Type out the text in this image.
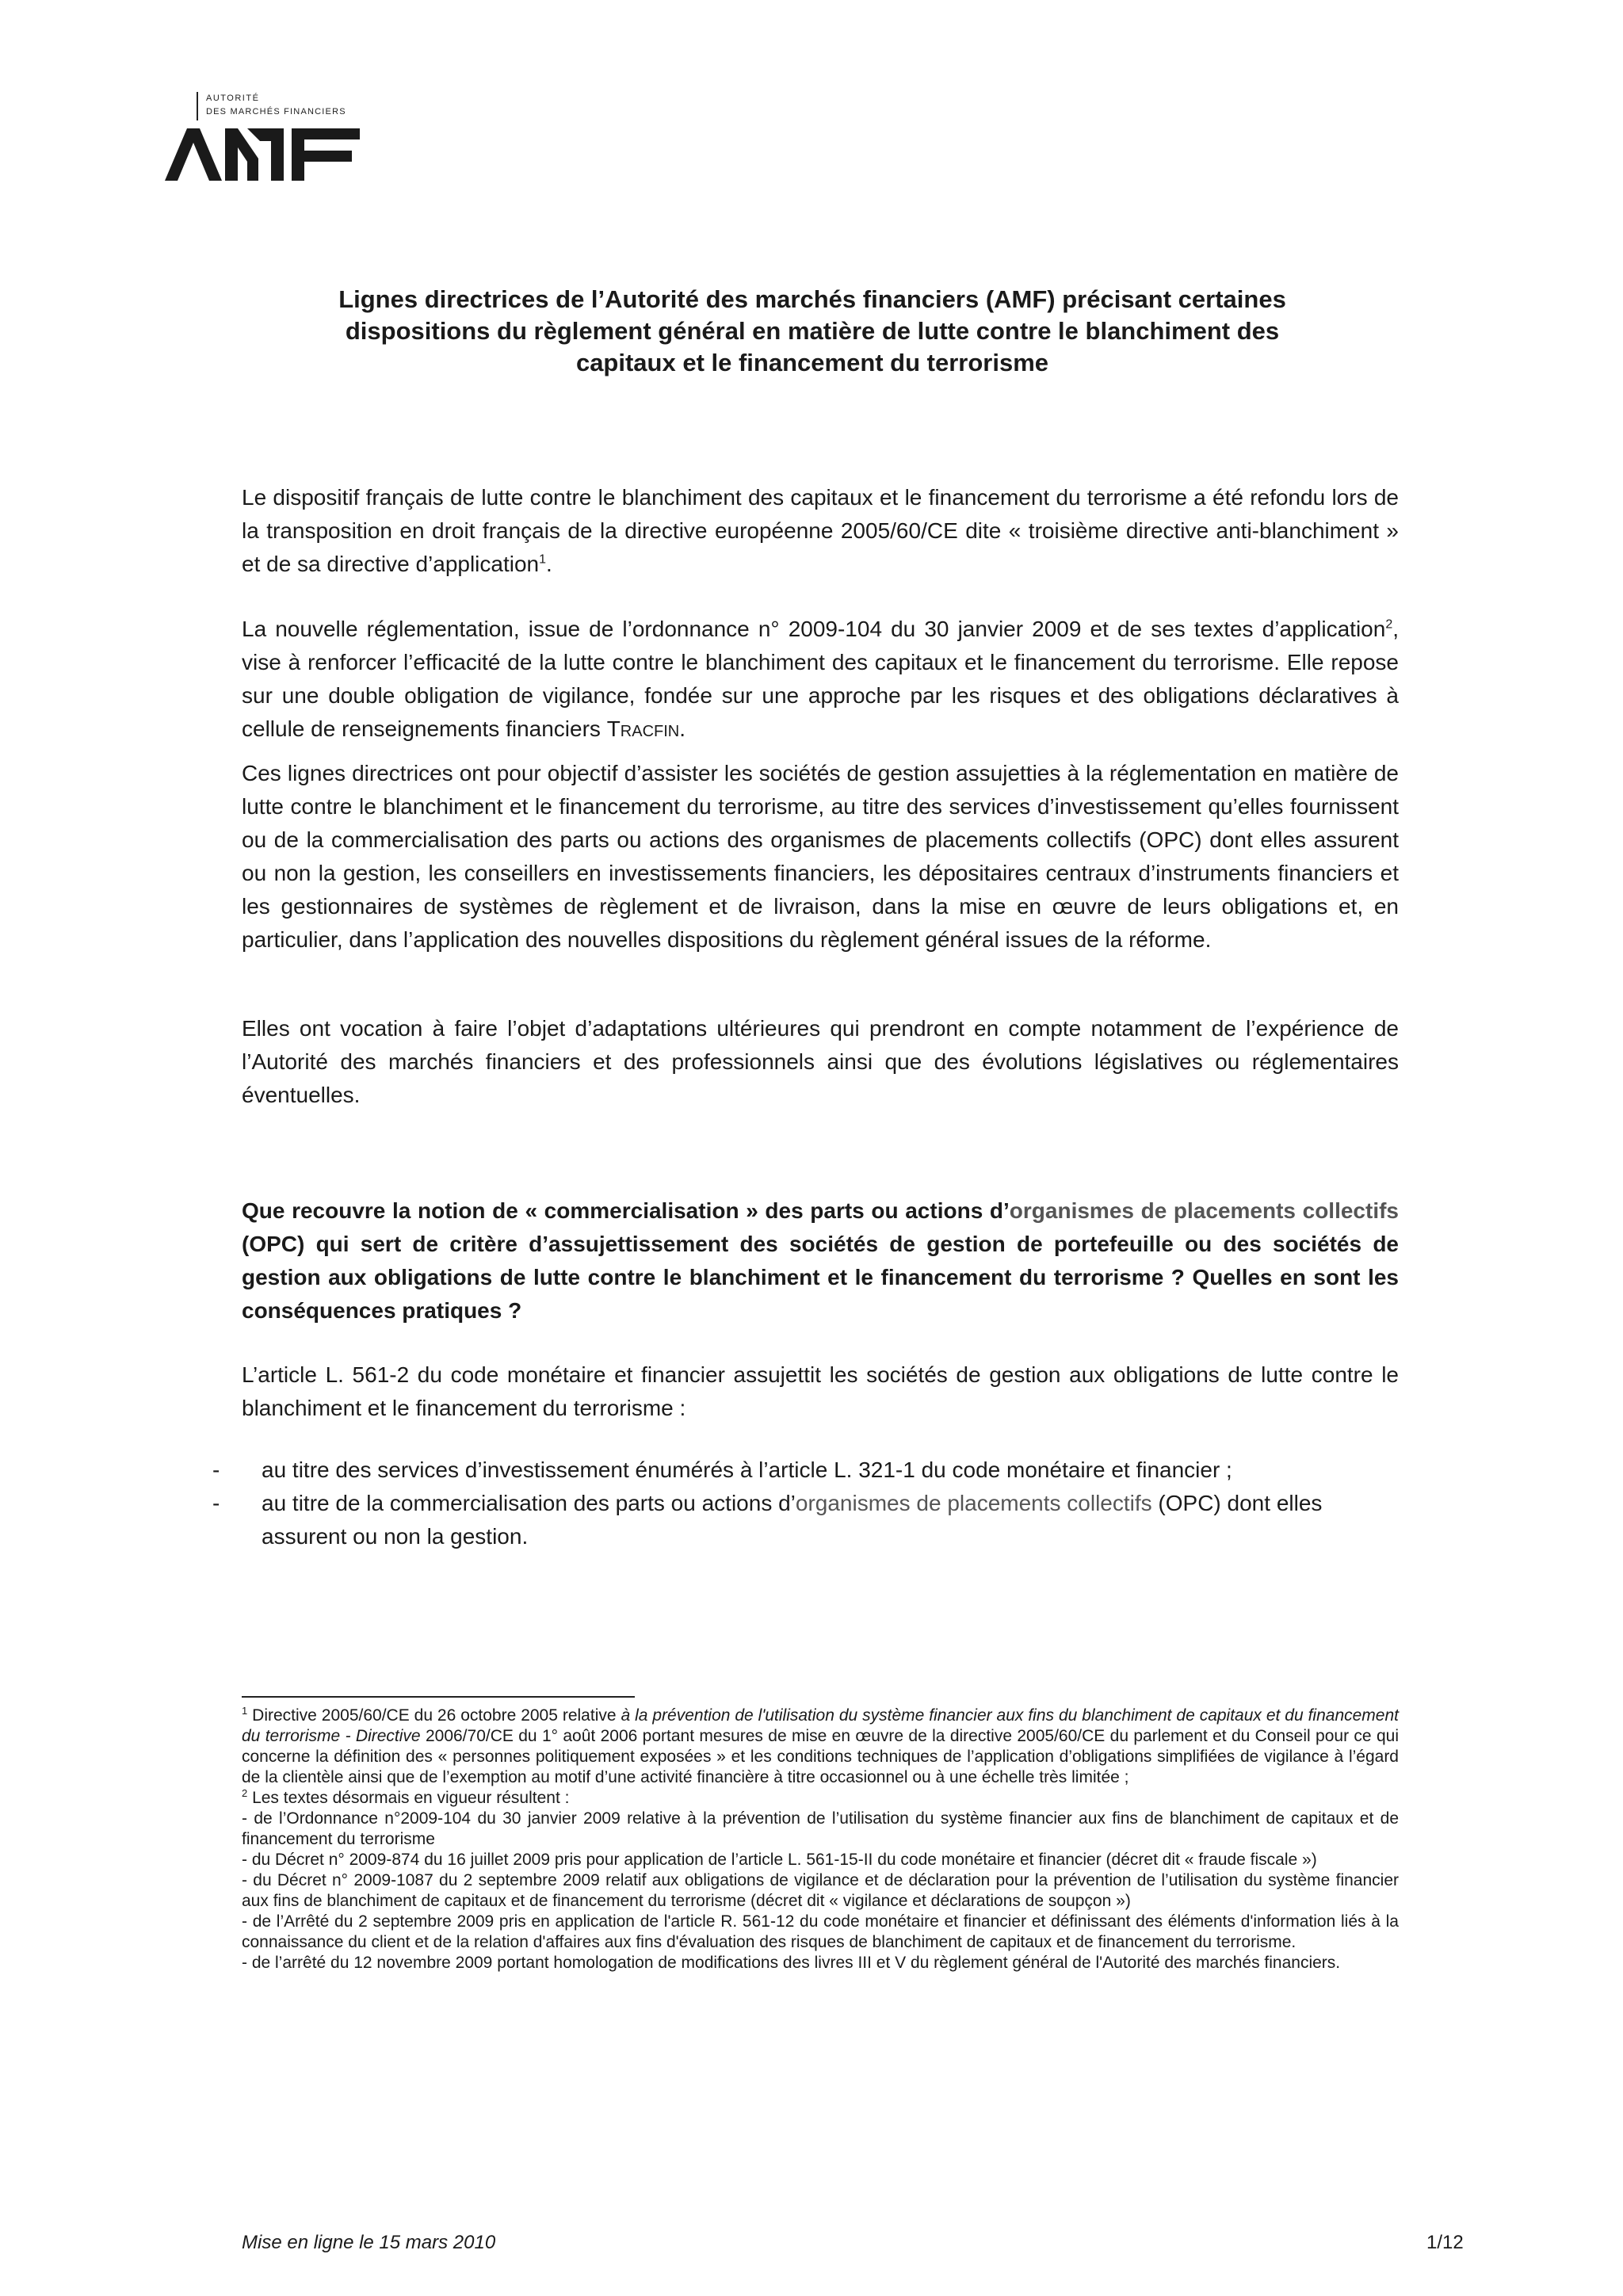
AUTORITÉ
DES MARCHÉS FINANCIERS
Lignes directrices de l’Autorité des marchés financiers (AMF) précisant certaines
dispositions du règlement général en matière de lutte contre le blanchiment des
capitaux et le financement du terrorisme
Le dispositif français de lutte contre le blanchiment des capitaux et le financement du terrorisme a été refondu lors de la transposition en droit français de la directive européenne 2005/60/CE dite « troisième directive anti-blanchiment » et de sa directive d’application$^1$.
La nouvelle réglementation, issue de l’ordonnance n° 2009-104 du 30 janvier 2009 et de ses textes d’application$^2$, vise à renforcer l’efficacité de la lutte contre le blanchiment des capitaux et le financement du terrorisme. Elle repose sur une double obligation de vigilance, fondée sur une approche par les risques et des obligations déclaratives à cellule de renseignements financiers Tracfin.
Ces lignes directrices ont pour objectif d’assister les sociétés de gestion assujetties à la réglementation en matière de lutte contre le blanchiment et le financement du terrorisme, au titre des services d’investissement qu’elles fournissent ou de la commercialisation des parts ou actions des organismes de placements collectifs (OPC) dont elles assurent ou non la gestion, les conseillers en investissements financiers, les dépositaires centraux d’instruments financiers et les gestionnaires de systèmes de règlement et de livraison, dans la mise en œuvre de leurs obligations et, en particulier, dans l’application des nouvelles dispositions du règlement général issues de la réforme.
Elles ont vocation à faire l’objet d’adaptations ultérieures qui prendront en compte notamment de l’expérience de l’Autorité des marchés financiers et des professionnels ainsi que des évolutions législatives ou réglementaires éventuelles.
Que recouvre la notion de « commercialisation » des parts ou actions d’organismes de placements collectifs (OPC) qui sert de critère d’assujettissement des sociétés de gestion de portefeuille ou des sociétés de gestion aux obligations de lutte contre le blanchiment et le financement du terrorisme ? Quelles en sont les conséquences pratiques ?
L’article L. 561-2 du code monétaire et financier assujettit les sociétés de gestion aux obligations de lutte contre le blanchiment et le financement du terrorisme :
- au titre des services d’investissement énumérés à l’article L. 321-1 du code monétaire et financier ;
- au titre de la commercialisation des parts ou actions d’organismes de placements collectifs (OPC) dont elles assurent ou non la gestion.
$^1$ Directive 2005/60/CE du 26 octobre 2005 relative à la prévention de l'utilisation du système financier aux fins du blanchiment de capitaux et du financement du terrorisme - Directive 2006/70/CE du 1° août 2006 portant mesures de mise en œuvre de la directive 2005/60/CE du parlement et du Conseil pour ce qui concerne la définition des « personnes politiquement exposées » et les conditions techniques de l’application d’obligations simplifiées de vigilance à l’égard de la clientèle ainsi que de l’exemption au motif d’une activité financière à titre occasionnel ou à une échelle très limitée ;
$^2$ Les textes désormais en vigueur résultent :
- de l’Ordonnance n°2009-104 du 30 janvier 2009 relative à la prévention de l’utilisation du système financier aux fins de blanchiment de capitaux et de financement du terrorisme
- du Décret n° 2009-874 du 16 juillet 2009 pris pour application de l’article L. 561-15-II du code monétaire et financier (décret dit « fraude fiscale »)
- du Décret n° 2009-1087 du 2 septembre 2009 relatif aux obligations de vigilance et de déclaration pour la prévention de l’utilisation du système financier aux fins de blanchiment de capitaux et de financement du terrorisme (décret dit « vigilance et déclarations de soupçon »)
- de l’Arrêté du 2 septembre 2009 pris en application de l'article R. 561-12 du code monétaire et financier et définissant des éléments d'information liés à la connaissance du client et de la relation d'affaires aux fins d'évaluation des risques de blanchiment de capitaux et de financement du terrorisme.
- de l’arrêté du 12 novembre 2009 portant homologation de modifications des livres III et V du règlement général de l'Autorité des marchés financiers.
Mise en ligne le 15 mars 2010	1/12
